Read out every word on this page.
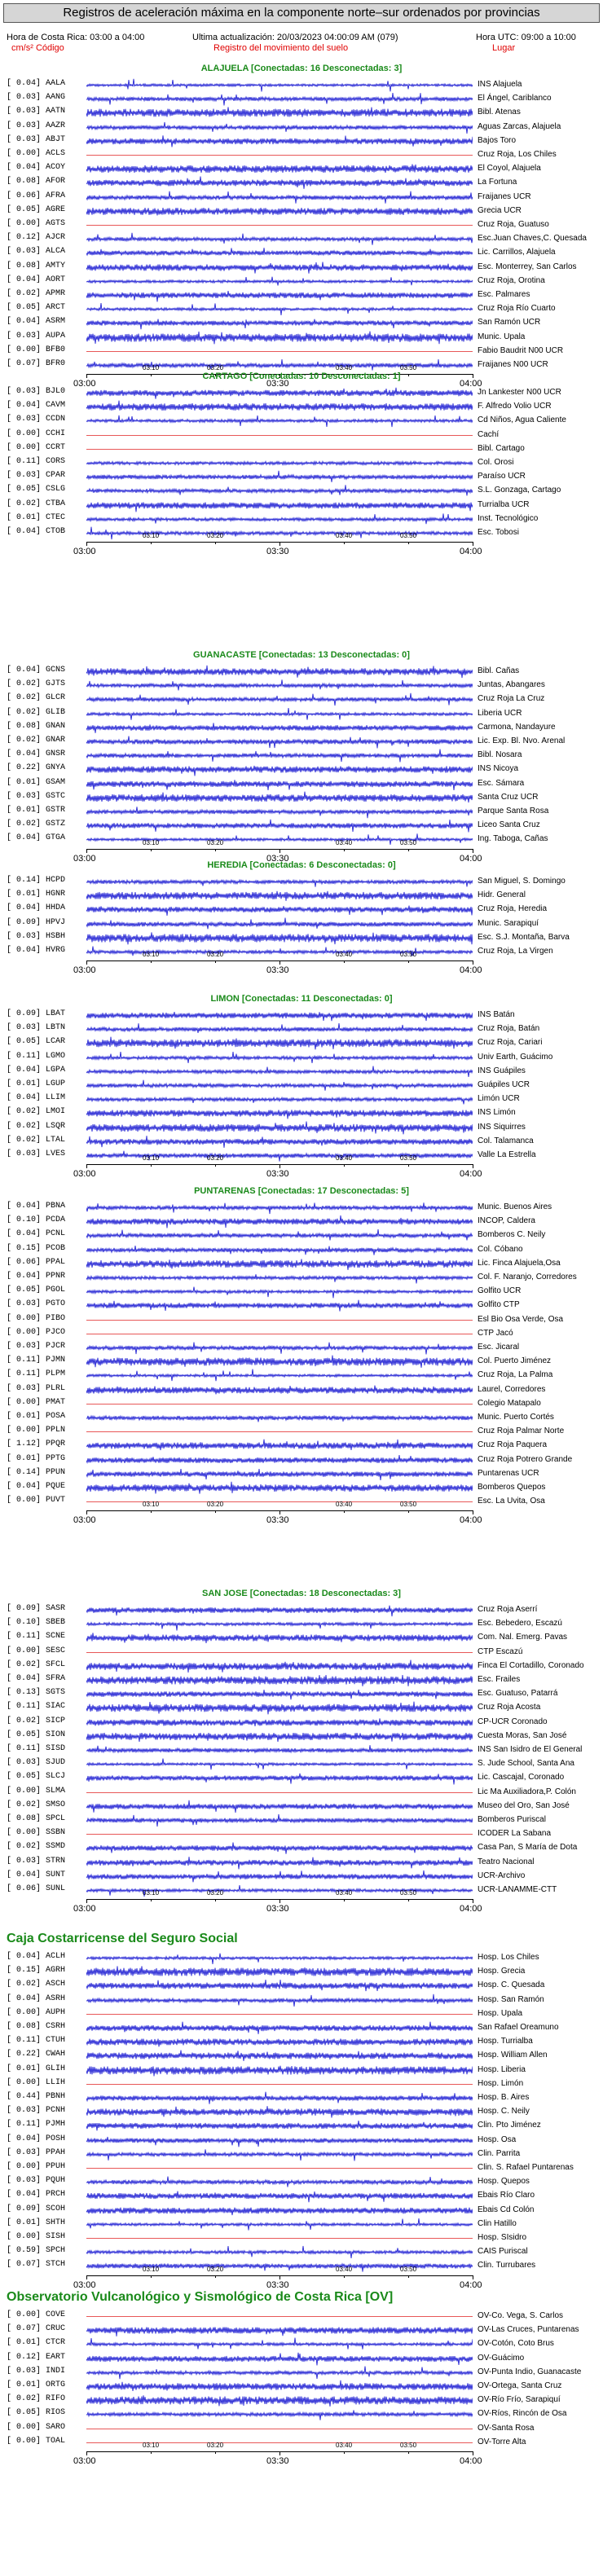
Registros de aceleración máxima en la componente norte–sur ordenados por provincias
Hora de Costa Rica: 03:00 a 04:00
cm/s² Código
Ultima actualización: 20/03/2023 04:00:09 AM (079)
Registro del movimiento del suelo
Hora UTC: 09:00 a 10:00
Lugar
ALAJUELA [Conectadas: 16 Desconectadas: 3]
[ 0.04] AALA	INS Alajuela
[ 0.03] AANG	El Ángel, Cariblanco
[ 0.03] AATN	Bibl. Atenas
[ 0.03] AAZR	Aguas Zarcas, Alajuela
[ 0.03] ABJT	Bajos Toro
[ 0.00] ACLS	Cruz Roja, Los Chiles
[ 0.04] ACOY	El Coyol, Alajuela
[ 0.08] AFOR	La Fortuna
[ 0.06] AFRA	Fraijanes UCR
[ 0.05] AGRE	Grecia UCR
[ 0.00] AGTS	Cruz Roja, Guatuso
[ 0.12] AJCR	Esc.Juan Chaves,C. Quesada
[ 0.03] ALCA	Lic. Carrillos, Alajuela
[ 0.08] AMTY	Esc. Monterrey, San Carlos
[ 0.04] AORT	Cruz Roja, Orotina
[ 0.02] APMR	Esc. Palmares
[ 0.05] ARCT	Cruz Roja Río Cuarto
[ 0.04] ASRM	San Ramón UCR
[ 0.03] AUPA	Munic. Upala
[ 0.00] BFB0	Fabio Baudrit N00 UCR
[ 0.07] BFR0	Fraijanes N00 UCR
03:00	03:30	04:00
03:10	03:20	03:40	03:50
CARTAGO [Conectadas: 10 Desconectadas: 1]
[ 0.03] BJL0	Jn Lankester N00 UCR
[ 0.04] CAVM	F. Alfredo Volio UCR
[ 0.03] CCDN	Cd Niños, Agua Caliente
[ 0.00] CCHI	Cachí
[ 0.00] CCRT	Bibl. Cartago
[ 0.11] CORS	Col. Orosi
[ 0.03] CPAR	Paraíso UCR
[ 0.05] CSLG	S.L. Gonzaga, Cartago
[ 0.02] CTBA	Turrialba UCR
[ 0.01] CTEC	Inst. Tecnológico
[ 0.04] CTOB	Esc. Tobosi
03:00	03:30	04:00
03:10	03:20	03:40	03:50
GUANACASTE [Conectadas: 13 Desconectadas: 0]
[ 0.04] GCNS	Bibl. Cañas
[ 0.02] GJTS	Juntas, Abangares
[ 0.02] GLCR	Cruz Roja La Cruz
[ 0.02] GLIB	Liberia UCR
[ 0.08] GNAN	Carmona, Nandayure
[ 0.02] GNAR	Lic. Exp. Bl. Nvo. Arenal
[ 0.04] GNSR	Bibl. Nosara
[ 0.22] GNYA	INS Nicoya
[ 0.01] GSAM	Esc. Sámara
[ 0.03] GSTC	Santa Cruz UCR
[ 0.01] GSTR	Parque Santa Rosa
[ 0.02] GSTZ	Liceo Santa Cruz
[ 0.04] GTGA	Ing. Taboga, Cañas
03:00	03:30	04:00
03:10	03:20	03:40	03:50
HEREDIA [Conectadas: 6 Desconectadas: 0]
[ 0.14] HCPD	San Miguel, S. Domingo
[ 0.01] HGNR	Hidr. General
[ 0.04] HHDA	Cruz Roja, Heredia
[ 0.09] HPVJ	Munic. Sarapiquí
[ 0.03] HSBH	Esc. S.J. Montaña, Barva
[ 0.04] HVRG	Cruz Roja, La Virgen
03:00	03:30	04:00
03:10	03:20	03:40	03:50
LIMON [Conectadas: 11 Desconectadas: 0]
[ 0.09] LBAT	INS Batán
[ 0.03] LBTN	Cruz Roja, Batán
[ 0.05] LCAR	Cruz Roja, Cariari
[ 0.11] LGMO	Univ Earth, Guácimo
[ 0.04] LGPA	INS Guápiles
[ 0.01] LGUP	Guápiles UCR
[ 0.04] LLIM	Limón UCR
[ 0.02] LMOI	INS Limón
[ 0.02] LSQR	INS Siquirres
[ 0.02] LTAL	Col. Talamanca
[ 0.03] LVES	Valle La Estrella
03:00	03:30	04:00
03:10	03:20	03:40	03:50
PUNTARENAS [Conectadas: 17 Desconectadas: 5]
[ 0.04] PBNA	Munic. Buenos Aires
[ 0.10] PCDA	INCOP, Caldera
[ 0.04] PCNL	Bomberos C. Neily
[ 0.15] PCOB	Col. Cóbano
[ 0.06] PPAL	Lic. Finca Alajuela,Osa
[ 0.04] PPNR	Col. F. Naranjo, Corredores
[ 0.05] PGOL	Golfito UCR
[ 0.03] PGTO	Golfito CTP
[ 0.00] PIBO	Esl Bio Osa Verde, Osa
[ 0.00] PJCO	CTP Jacó
[ 0.03] PJCR	Esc. Jicaral
[ 0.11] PJMN	Col. Puerto Jiménez
[ 0.11] PLPM	Cruz Roja, La Palma
[ 0.03] PLRL	Laurel, Corredores
[ 0.00] PMAT	Colegio Matapalo
[ 0.01] POSA	Munic. Puerto Cortés
[ 0.00] PPLN	Cruz Roja Palmar Norte
[ 1.12] PPQR	Cruz Roja Paquera
[ 0.01] PPTG	Cruz Roja Potrero Grande
[ 0.14] PPUN	Puntarenas UCR
[ 0.04] PQUE	Bomberos Quepos
[ 0.00] PUVT	Esc. La Uvita, Osa
03:00	03:30	04:00
03:10	03:20	03:40	03:50
SAN JOSE [Conectadas: 18 Desconectadas: 3]
[ 0.09] SASR	Cruz Roja Aserrí
[ 0.10] SBEB	Esc. Bebedero, Escazú
[ 0.11] SCNE	Com. Nal. Emerg. Pavas
[ 0.00] SESC	CTP Escazú
[ 0.02] SFCL	Finca El Cortadillo, Coronado
[ 0.04] SFRA	Esc. Frailes
[ 0.13] SGTS	Esc. Guatuso, Patarrá
[ 0.11] SIAC	Cruz Roja Acosta
[ 0.02] SICP	CP-UCR Coronado
[ 0.05] SION	Cuesta Moras, San José
[ 0.11] SISD	INS San Isidro de El General
[ 0.03] SJUD	S. Jude School, Santa Ana
[ 0.05] SLCJ	Lic. Cascajal, Coronado
[ 0.00] SLMA	Lic Ma Auxiliadora,P. Colón
[ 0.02] SMSO	Museo del Oro, San José
[ 0.08] SPCL	Bomberos Puriscal
[ 0.00] SSBN	ICODER La Sabana
[ 0.02] SSMD	Casa Pan, S María de Dota
[ 0.03] STRN	Teatro Nacional
[ 0.04] SUNT	UCR-Archivo
[ 0.06] SUNL	UCR-LANAMME-CTT
03:00	03:30	04:00
03:10	03:20	03:40	03:50
Caja Costarricense del Seguro Social
[ 0.04] ACLH	Hosp. Los Chiles
[ 0.15] AGRH	Hosp. Grecia
[ 0.02] ASCH	Hosp. C. Quesada
[ 0.04] ASRH	Hosp. San Ramón
[ 0.00] AUPH	Hosp. Upala
[ 0.08] CSRH	San Rafael Oreamuno
[ 0.11] CTUH	Hosp. Turrialba
[ 0.22] CWAH	Hosp. William Allen
[ 0.01] GLIH	Hosp. Liberia
[ 0.00] LLIH	Hosp. Limón
[ 0.44] PBNH	Hosp. B. Aires
[ 0.03] PCNH	Hosp. C. Neily
[ 0.11] PJMH	Clin. Pto Jiménez
[ 0.04] POSH	Hosp. Osa
[ 0.03] PPAH	Clin. Parrita
[ 0.00] PPUH	Clin. S. Rafael Puntarenas
[ 0.03] PQUH	Hosp. Quepos
[ 0.04] PRCH	Ebais Río Claro
[ 0.09] SCOH	Ebais Cd Colón
[ 0.01] SHTH	Clin Hatillo
[ 0.00] SISH	Hosp. SIsidro
[ 0.59] SPCH	CAIS Puriscal
[ 0.07] STCH	Clin. Turrubares
03:00	03:30	04:00
03:10	03:20	03:40	03:50
Observatorio Vulcanológico y Sismológico de Costa Rica [OV]
[ 0.00] COVE	OV-Co. Vega, S. Carlos
[ 0.07] CRUC	OV-Las Cruces, Puntarenas
[ 0.01] CTCR	OV-Cotón, Coto Brus
[ 0.12] EART	OV-Guácimo
[ 0.03] INDI	OV-Punta Indio, Guanacaste
[ 0.01] ORTG	OV-Ortega, Santa Cruz
[ 0.02] RIFO	OV-Río Frío, Sarapiquí
[ 0.05] RIOS	OV-Ríos, Rincón de Osa
[ 0.00] SARO	OV-Santa Rosa
[ 0.00] TOAL	OV-Torre Alta
03:00	03:30	04:00
03:10	03:20	03:40	03:50
